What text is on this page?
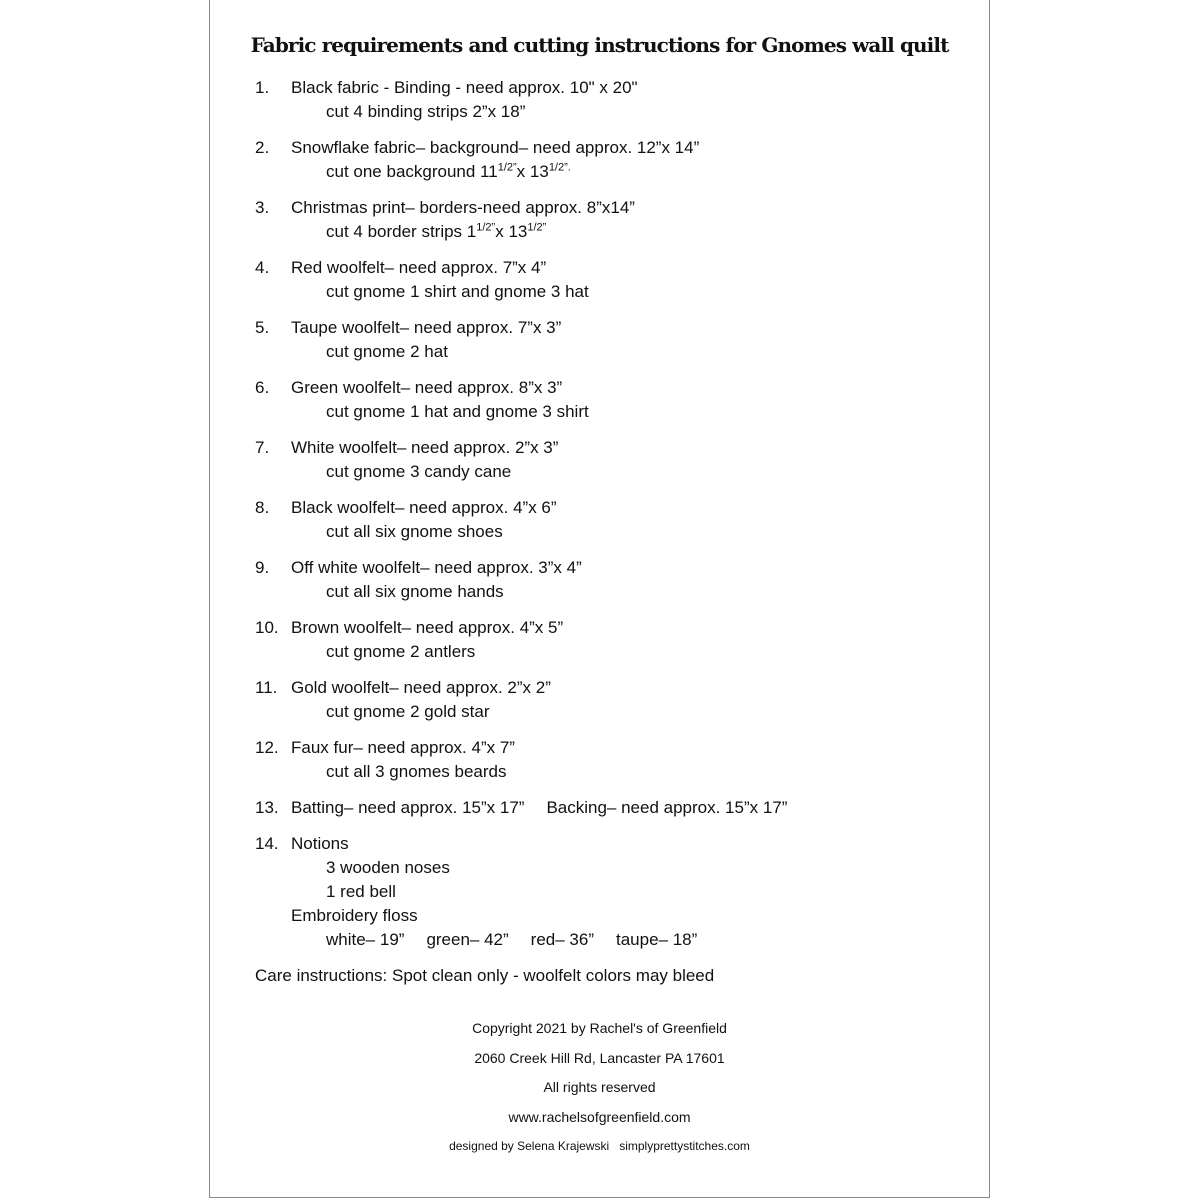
Fabric requirements and cutting instructions for Gnomes wall quilt
1. Black fabric - Binding - need approx. 10" x 20"
cut 4 binding strips 2”x 18”
2. Snowflake fabric– background– need approx. 12”x 14”
cut one background $11^{1/2”}x$ $13^{1/2”.}$
3. Christmas print– borders-need approx. 8”x14”
cut 4 border strips $1^{1/2”}x$ $13^{1/2”}$
4. Red woolfelt– need approx. 7”x 4”
cut gnome 1 shirt and gnome 3 hat
5. Taupe woolfelt– need approx. 7”x 3”
cut gnome 2 hat
6. Green woolfelt– need approx. 8”x 3”
cut gnome 1 hat and gnome 3 shirt
7. White woolfelt– need approx. 2”x 3”
cut gnome 3 candy cane
8. Black woolfelt– need approx. 4”x 6”
cut all six gnome shoes
9. Off white woolfelt– need approx. 3”x 4”
cut all six gnome hands
10. Brown woolfelt– need approx. 4”x 5”
cut gnome 2 antlers
11. Gold woolfelt– need approx. 2”x 2”
cut gnome 2 gold star
12. Faux fur– need approx. 4”x 7”
cut all 3 gnomes beards
13. Batting– need approx. 15”x 17” Backing– need approx. 15”x 17”
14. Notions
3 wooden noses
1 red bell
Embroidery floss
white– 19” green– 42” red– 36” taupe– 18”
Care instructions: Spot clean only - woolfelt colors may bleed
Copyright 2021 by Rachel's of Greenfield
2060 Creek Hill Rd, Lancaster PA 17601
All rights reserved
www.rachelsofgreenfield.com
designed by Selena Krajewski simplyprettystitches.com
